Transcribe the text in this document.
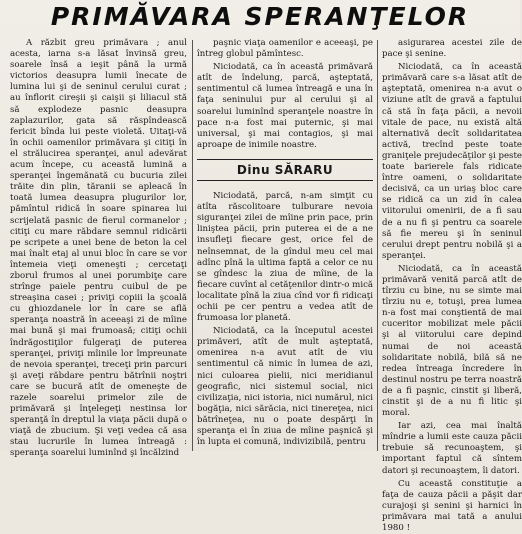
PRIMĂVARA SPERANŢELOR

A răzbit greu primăvara ; anul acesta, iarna s-a lăsat învinsă greu, soarele însă a ieşit până la urmă victorios deasupra lumii înecate de lumina lui şi de seninul cerului curat ; au înflorit cireşii şi caişii şi liliacul stă să explodeze pasnic deasupra zaplazurilor, gata să răspîndească fericit bînda lui peste violetă. Uitaţi-vă în ochii oamenilor primăvara şi citiţi în el strălucirea speranţei, anul adevărat acum începe, cu această lumină a speranţei îngemănată cu bucuria zilei trăite din plin, tăranii se apleacă în toată lumea deasupra plugurilor lor, pămîntul ridică în soare spinarea lui scrijelată pasnic de fierul cormanelor ; citiţi cu mare răbdare semnul ridicării pe scripete a unei bene de beton la cel mai înalt etaj al unui bloc în care se vor întemeia vieţi omeneşti ; cercetaţi zborul frumos al unei porumbiţe care strînge paiele pentru cuibul de pe streaşina casei ; priviţi copiii la şcoală cu ghiozdanele lor în care se află speranţa noastră în aceeaşi zi de mîine mai bună şi mai frumoasă; citiţi ochii îndrăgostiţilor fulgeraţi de puterea speranţei, priviţi mîinile lor împreunate de nevoia speranţei, treceţi prin parcuri şi aveţi răbdare pentru bătrînii noştri care se bucură atît de omeneşte de razele soarelui primelor zile de primăvară şi înţelegeţi nestinsa lor speranţă în dreptul la viaţa păcii după o viaţă de zbucium. Şi veţi vedea că asa stau lucrurile în lumea întreagă : speranţa soarelui luminînd şi încălzind

paşnic viaţa oamenilor e aceeaşi, pe întreg globul pămîntesc.

Niciodată, ca în această primăvară atît de îndelung, parcă, aşteptată, sentimentul că lumea întreagă e una în faţa seninului pur al cerului şi al soarelui luminînd speranţele noastre în pace n-a fost mai puternic, şi mai universal, şi mai contagios, şi mai aproape de inimile noastre.

Dinu SĂRARU

Niciodată, parcă, n-am simţit cu atîta răscolitoare tulburare nevoia siguranţei zilei de mîine prin pace, prin liniştea păcii, prin puterea ei de a ne insufleţi fiecare gest, orice fel de neînsemnat, de la gîndul meu cel mai adînc pînă la ultima faptă a celor ce nu se gîndesc la ziua de mîine, de la fiecare cuvînt al cetăţenilor dintr-o mică localitate pînă la ziua cînd vor fi ridicaţi ochii pe cer pentru a vedea atît de frumoasa lor planetă.

Niciodată, ca la începutul acestei primăveri, atît de mult aşteptată, omenirea n-a avut atît de viu sentimentul că nimic în lumea de azi, nici culoarea pielii, nici meridianul geografic, nici sistemul social, nici civilizaţia, nici istoria, nici numărul, nici bogăţia, nici sărăcia, nici tinereţea, nici bătrîneţea, nu o poate despărţi în speranţa ei în ziua de mîine paşnică şi în lupta ei comună, indivizibilă, pentru

asigurarea acestei zile de pace şi senine.

Niciodată, ca în această primăvară care s-a lăsat atît de aşteptată, omenirea n-a avut o viziune atît de gravă a faptului că stă în faţa păcii, a nevoii vitale de pace, nu există altă alternativă decît solidaritatea activă, trecînd peste toate graniţele prejudecăţilor şi peste toate barierele fals ridicate între oameni, o solidaritate decisivă, ca un uriaş bloc care se ridică ca un zid în calea viitorului omenirii, de a fi sau de a nu fi şi pentru ca soarele să fie mereu şi în seninul cerului drept pentru nobilă şi a speranţei.

Niciodată, ca în această primăvară venită parcă atît de tîrziu cu bine, nu se simte mai tîrziu nu e, totuşi, prea lumea n-a fost mai conştientă de mai cuceritor mobilizat mele păcii şi al viitorului care depind numai de noi această solidaritate nobilă, bilă să ne redea întreaga încredere în destinul nostru pe terra noastră de a fi paşnic, cinstit şi liberă, cinstit şi de a nu fi litic şi moral.

Iar azi, cea mai înaltă mîndrie a lumii este cauza păcii trebuie să recunoaştem, şi important faptul că sîntem datori şi recunoaştem, îi datori.

Cu această constituţie a faţa de cauza păcii a păşit dar curajoşi şi senini şi harnici în primăvara mai tată a anului 1980 !
